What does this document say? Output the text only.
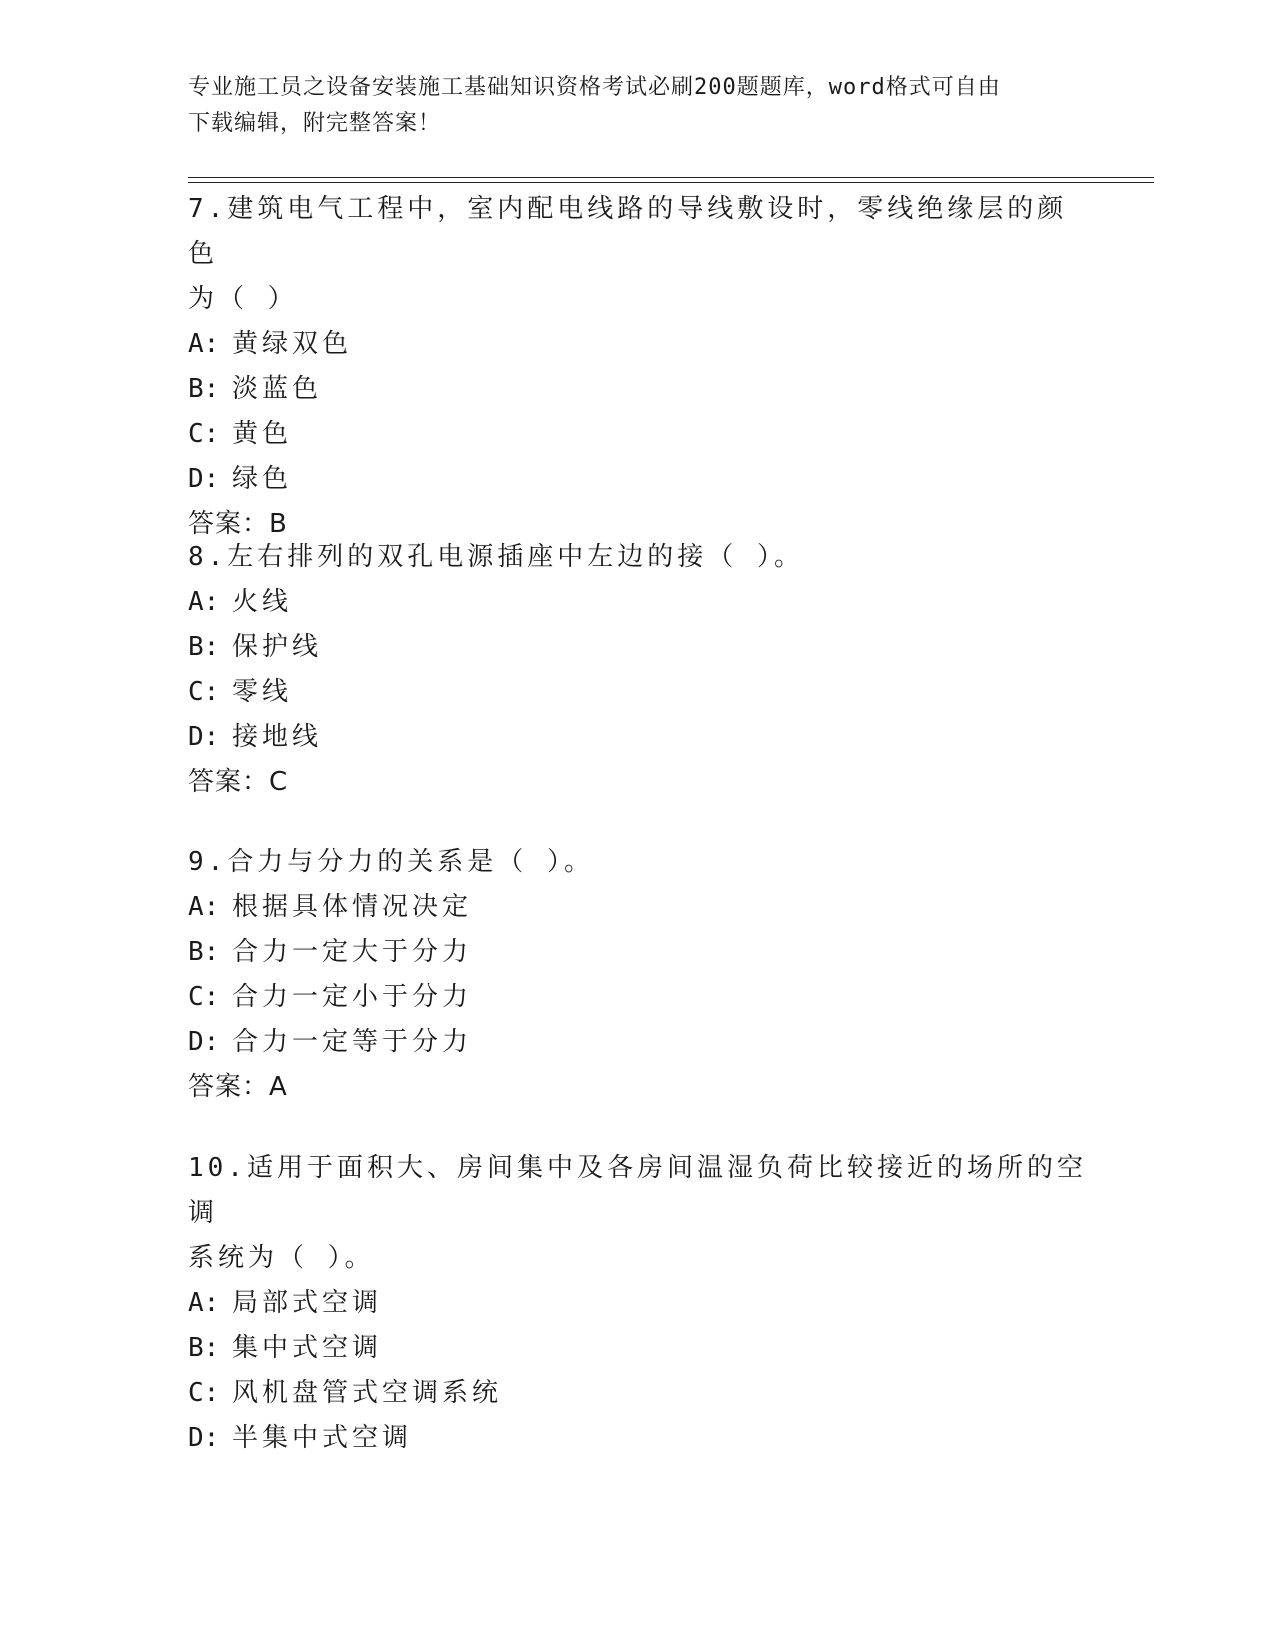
专业施工员之设备安装施工基础知识资格考试必刷200题题库，word格式可自由
下载编辑，附完整答案！
7.建筑电气工程中，室内配电线路的导线敷设时，零线绝缘层的颜色
为（ ）
A: 黄绿双色
B: 淡蓝色
C: 黄色
D: 绿色
答案：B
8.左右排列的双孔电源插座中左边的接（ ）。
A: 火线
B: 保护线
C: 零线
D: 接地线
答案：C
9.合力与分力的关系是（ ）。
A: 根据具体情况决定
B: 合力一定大于分力
C: 合力一定小于分力
D: 合力一定等于分力
答案：A
10.适用于面积大、房间集中及各房间温湿负荷比较接近的场所的空调
系统为（ ）。
A: 局部式空调
B: 集中式空调
C: 风机盘管式空调系统
D: 半集中式空调
